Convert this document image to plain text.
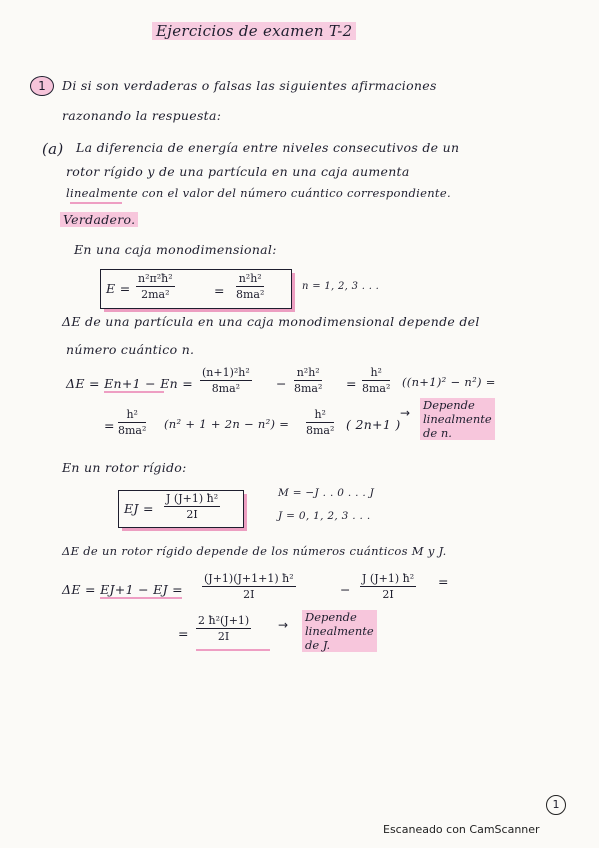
Ejercicios de examen T-2
1	Di si son verdaderas o falsas las siguientes afirmaciones
razonando la respuesta:
(a) La diferencia de energía entre niveles consecutivos de un
rotor rígido y de una partícula en una caja aumenta
linealmente con el valor del número cuántico correspondiente.
Verdadero.
En una caja monodimensional:
$E = \frac{\text{n²π²ħ²}}{\text{2ma²}}$	= $\frac{\text{n²h²}}{\text{8ma²}}$	n = 1, 2, 3 . . .
ΔE de una partícula en una caja monodimensional depende del
número cuántico n.
$\Delta E = En+1 - En = \frac{\text{(n+1)²h²}}{\text{8ma²}} - \frac{\text{n²h²}}{\text{8ma²}} = \frac{\text{h²}}{\text{8ma²}} ((n+1)^2 - n^2)$ =
= $\frac{\text{h²}}{\text{8ma²}} (n^2 + 1 + 2n - n^2) = \frac{\text{h²}}{\text{8ma²}}$ ( 2n+1 )
→
Depende
linealmente
de n.
En un rotor rígido:
EJ = $\frac{\text{J (J+1) ħ²}}{2I}$	M = −J . . 0 . . . J
J = 0, 1, 2, 3 . . .
ΔE de un rotor rígido depende de los números cuánticos M y J.
ΔE = EJ+1 − EJ = $\frac{\text{(J+1)(J+1+1) ħ²}}{2I}$	− $\frac{\text{J (J+1) ħ²}}{2I}$ =
= $\frac{\text{2 ħ²(J+1)}}{2I}$ →
Depende
linealmente
de J.
1
Escaneado con CamScanner
